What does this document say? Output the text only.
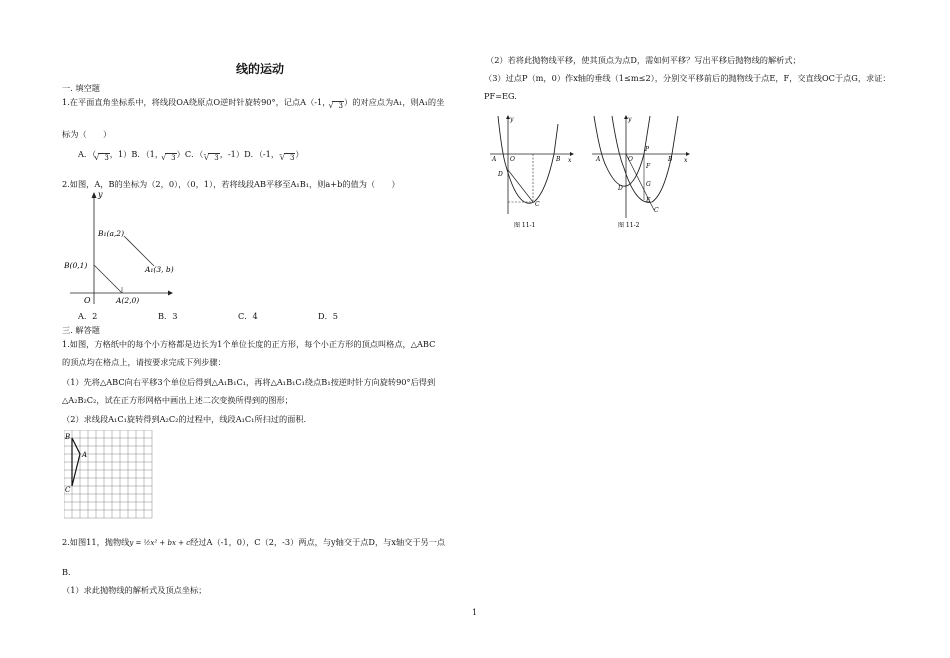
线的运动
一. 填空题
1.在平面直角坐标系中，将线段OA绕原点O逆时针旋转90°，记点A（-1， √ 3）的对应点为A₁，则A₁的坐
标为（　　）
A．（ √ 3，1）B．（1， √ 3）C．（- √ 3，-1）D．（-1，- √ 3）
2.如图，A，B的坐标为（2，0），（0，1），若将线段AB平移至A₁B₁，则a+b的值为（　　）
y
O
B(0,1)
A(2,0)
B₁(a,2)
A₁(3, b)
A．2	B．3	C．4	D．5
三. 解答题
1.如图，方格纸中的每个小方格都是边长为1个单位长度的正方形，每个小正方形的顶点叫格点，△ABC
的顶点均在格点上，请按要求完成下列步骤：
（1）先将△ABC向右平移3个单位后得到△A₁B₁C₁，再将△A₁B₁C₁绕点B₁按逆时针方向旋转90°后得到
△A₂B₂C₂，试在正方形网格中画出上述二次变换所得到的图形；
（2）求线段A₁C₁旋转得到A₂C₂的过程中，线段A₁C₁所扫过的面积.
B
A
C
2.如图11，抛物线y = ½x² + bx + c经过A（-1，0），C（2，-3）两点，与y轴交于点D，与x轴交于另一点
B.
（1）求此抛物线的解析式及顶点坐标；
（2）若将此抛物线平移，使其顶点为点D，需如何平移？写出平移后抛物线的解析式；
（3）过点P（m，0）作x轴的垂线（1≤m≤2），分别交平移前后的抛物线于点E，F，交直线OC于点G，求证：
PF=EG.
y
x
A O	B
D
C
图 11-1
y
x
A	O
P
B
F
D
G
E
C
图 11-2
1
